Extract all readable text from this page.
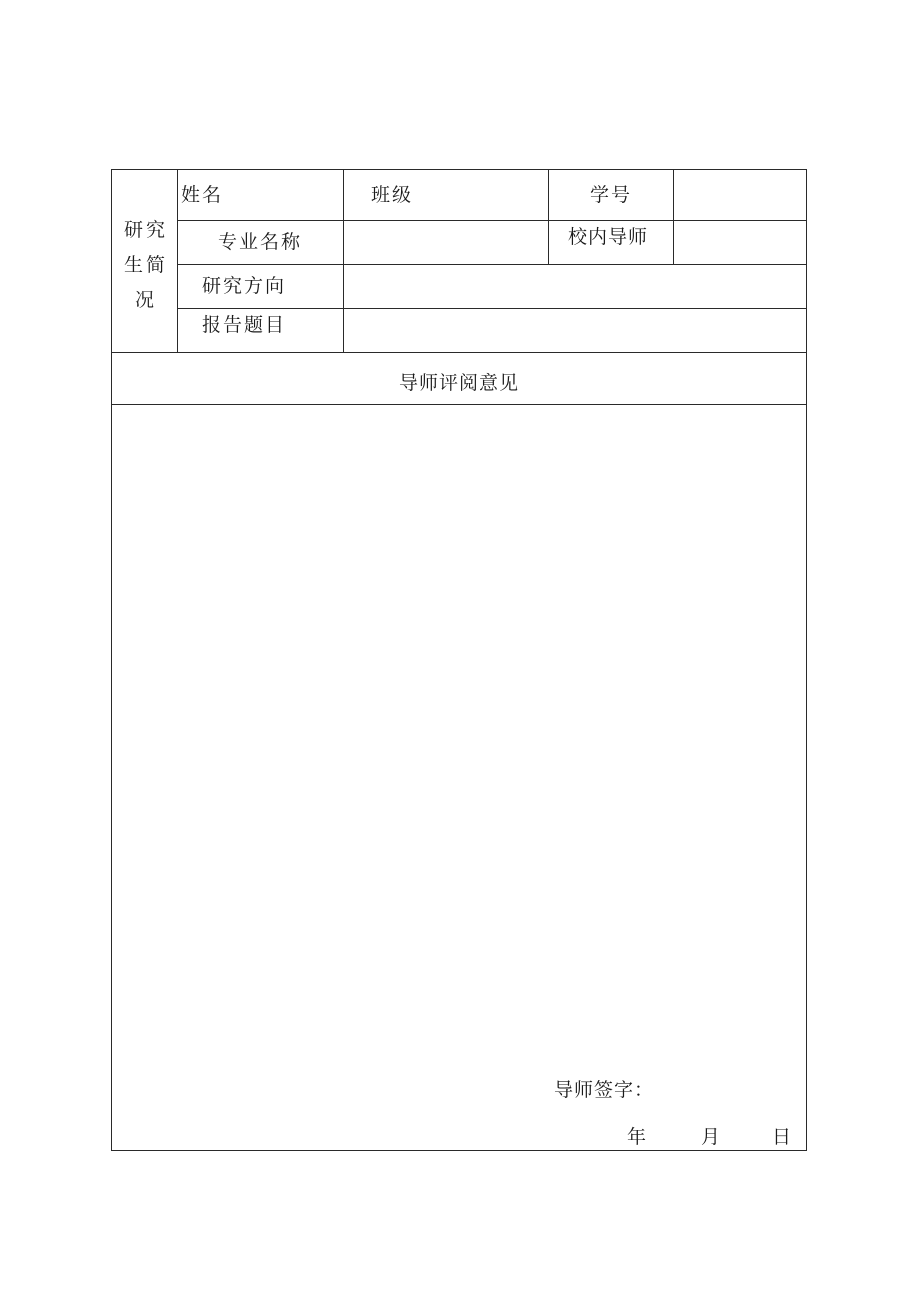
研究生简况
姓名	班级	学号
专业名称	校内导师
研究方向
报告题目
导师评阅意见
导师签字：
年	月	日
